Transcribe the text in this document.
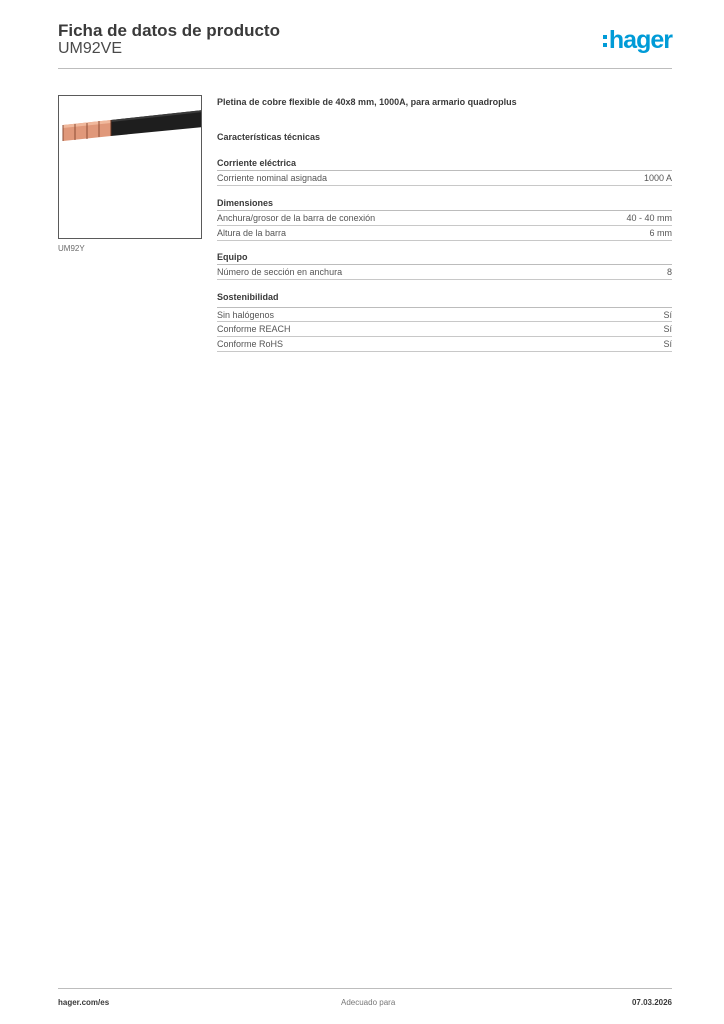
Ficha de datos de producto
UM92VE	hager
UM92Y
Pletina de cobre flexible de 40x8 mm, 1000A, para armario quadroplus
Características técnicas
Corriente eléctrica
Corriente nominal asignada	1000 A
Dimensiones
Anchura/grosor de la barra de conexión	40 - 40 mm
Altura de la barra	6 mm
Equipo
Número de sección en anchura	8
Sostenibilidad
Sin halógenos	Sí
Conforme REACH	Sí
Conforme RoHS	Sí
hager.com/es	Adecuado para	07.03.2026
